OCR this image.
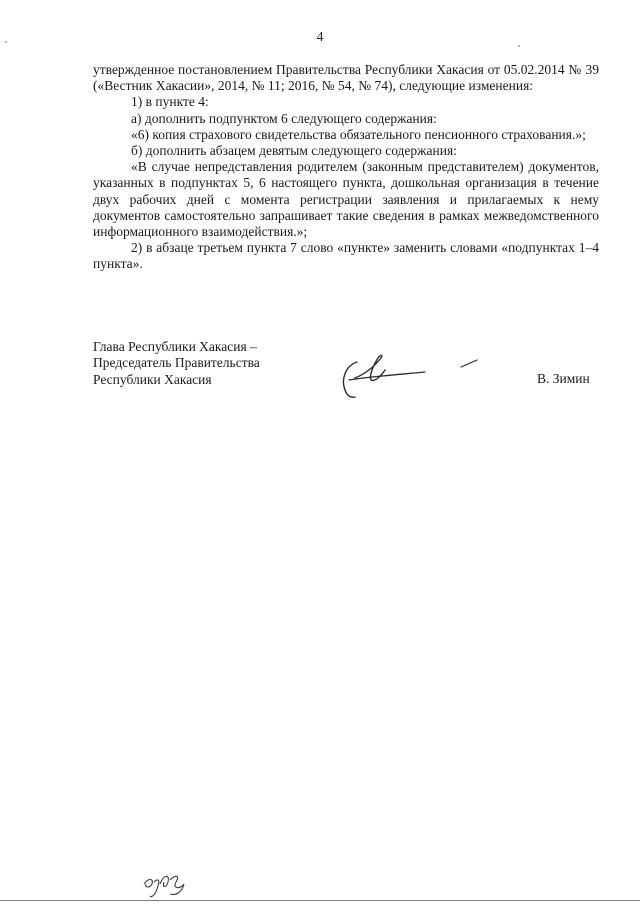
4

утвержденное постановлением Правительства Республики Хакасия от 05.02.2014 № 39 («Вестник Хакасии», 2014, № 11; 2016, № 54, № 74), следующие изменения:

1) в пункте 4:

а) дополнить подпунктом 6 следующего содержания:

«6) копия страхового свидетельства обязательного пенсионного страхования.»;

б) дополнить абзацем девятым следующего содержания:

«В случае непредставления родителем (законным представителем) документов, указанных в подпунктах 5, 6 настоящего пункта, дошкольная организация в течение двух рабочих дней с момента регистрации заявления и прилагаемых к нему документов самостоятельно запрашивает такие сведения в рамках межведомственного информационного взаимодействия.»;

2) в абзаце третьем пункта 7 слово «пункте» заменить словами «подпунктах 1–4 пункта».

Глава Республики Хакасия –
Председатель Правительства
Республики Хакасия	В. Зимин
